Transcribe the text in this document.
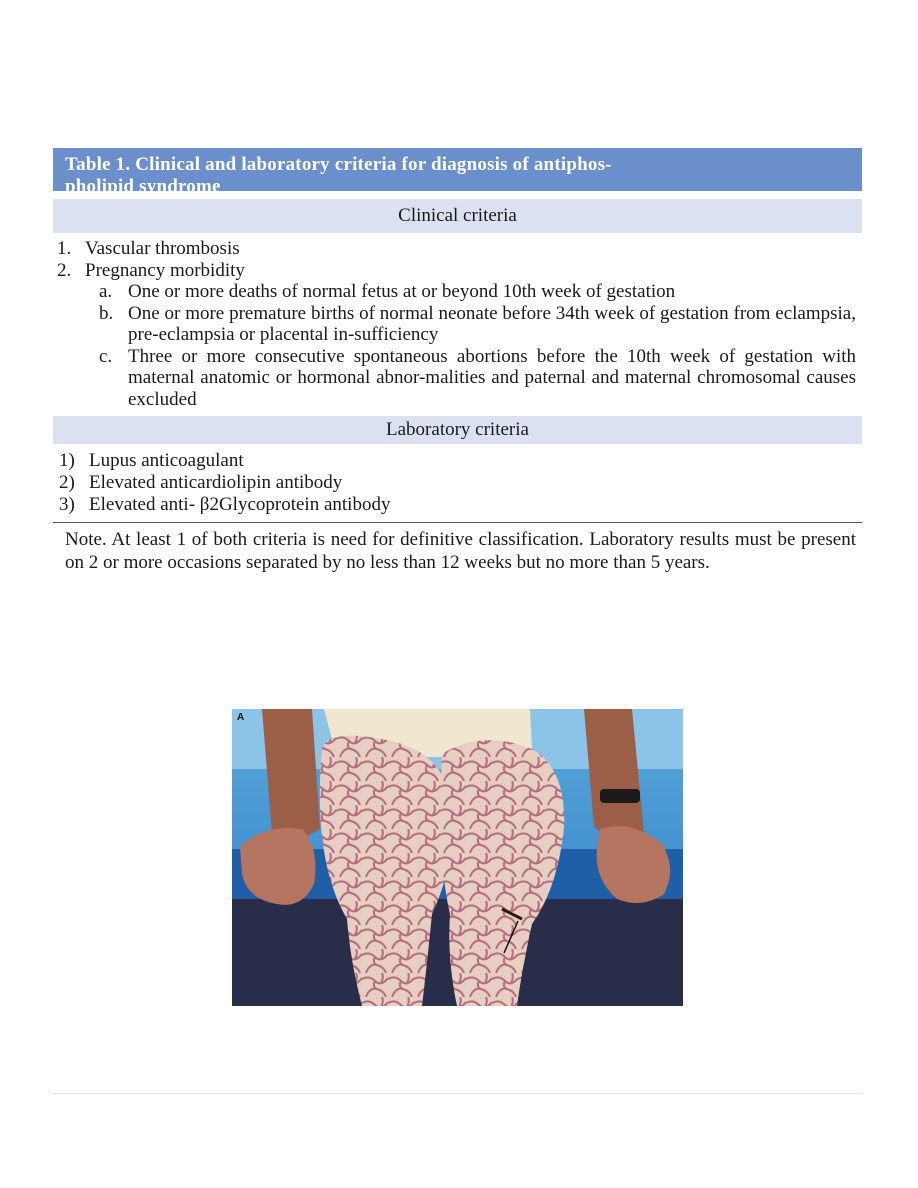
Table 1. Clinical and laboratory criteria for diagnosis of antiphos-
pholipid syndrome
Clinical criteria
1. Vascular thrombosis
2. Pregnancy morbidity
a. One or more deaths of normal fetus at or beyond 10th week of gestation
b. One or more premature births of normal neonate before 34th week of gestation from eclampsia, pre-eclampsia or placental in-sufficiency
c. Three or more consecutive spontaneous abortions before the 10th week of gestation with maternal anatomic or hormonal abnor-malities and paternal and maternal chromosomal causes excluded
Laboratory criteria
1) Lupus anticoagulant
2) Elevated anticardiolipin antibody
3) Elevated anti- β2Glycoprotein antibody
Note. At least 1 of both criteria is need for definitive classification. Laboratory results must be present on 2 or more occasions separated by no less than 12 weeks but no more than 5 years.
A
